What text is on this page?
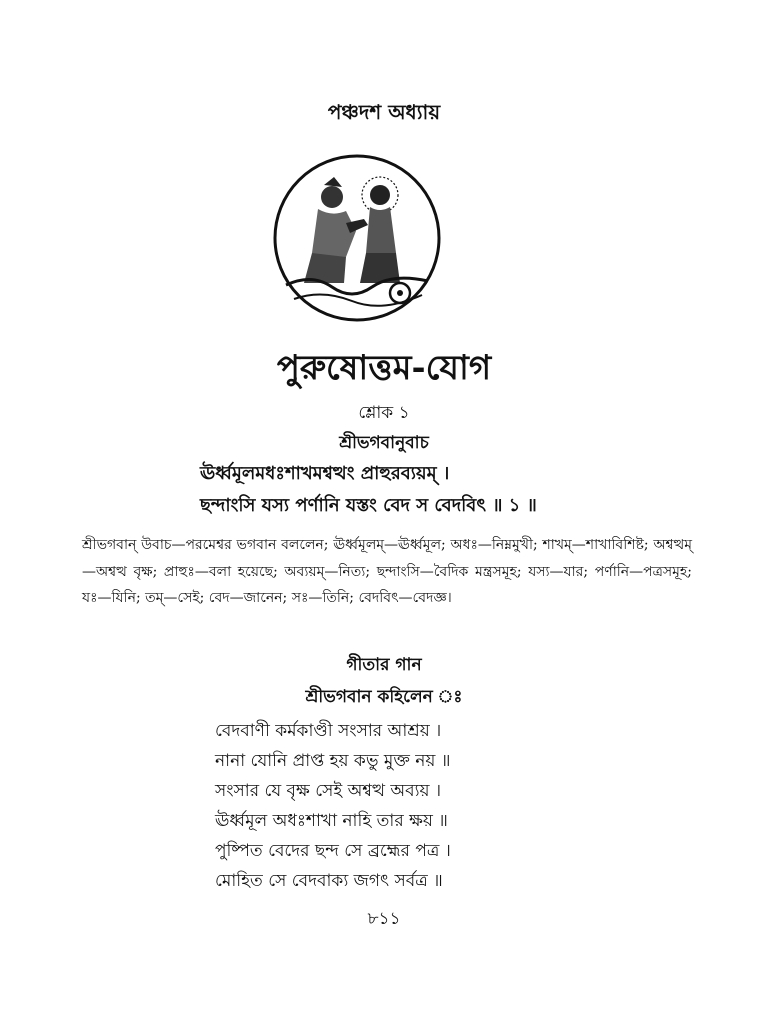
পঞ্চদশ অধ্যায়
পুরুষোত্তম-যোগ
শ্লোক ১
শ্রীভগবানুবাচ
ঊর্ধ্বমূলমধঃশাখমশ্বত্থং প্রাহুরব্যয়ম্ ।
ছন্দাংসি যস্য পর্ণানি যস্তং বেদ স বেদবিৎ ॥ ১ ॥
শ্রীভগবান্ উবাচ—পরমেশ্বর ভগবান বললেন; ঊর্ধ্বমূলম্—ঊর্ধ্বমূল; অধঃ—নিম্নমুখী; শাখম্—শাখাবিশিষ্ট; অশ্বত্থম্—অশ্বত্থ বৃক্ষ; প্রাহুঃ—বলা হয়েছে; অব্যয়ম্—নিত্য; ছন্দাংসি—বৈদিক মন্ত্রসমূহ; যস্য—যার; পর্ণানি—পত্রসমূহ; যঃ—যিনি; তম্—সেই; বেদ—জানেন; সঃ—তিনি; বেদবিৎ—বেদজ্ঞ।
গীতার গান
শ্রীভগবান কহিলেন ঃ
বেদবাণী কর্মকাণ্ডী সংসার আশ্রয় ।
নানা যোনি প্রাপ্ত হয় কভু মুক্ত নয় ॥
সংসার যে বৃক্ষ সেই অশ্বত্থ অব্যয় ।
ঊর্ধ্বমূল অধঃশাখা নাহি তার ক্ষয় ॥
পুষ্পিত বেদের ছন্দ সে ব্রহ্মের পত্র ।
মোহিত সে বেদবাক্য জগৎ সর্বত্র ॥
৮১১
